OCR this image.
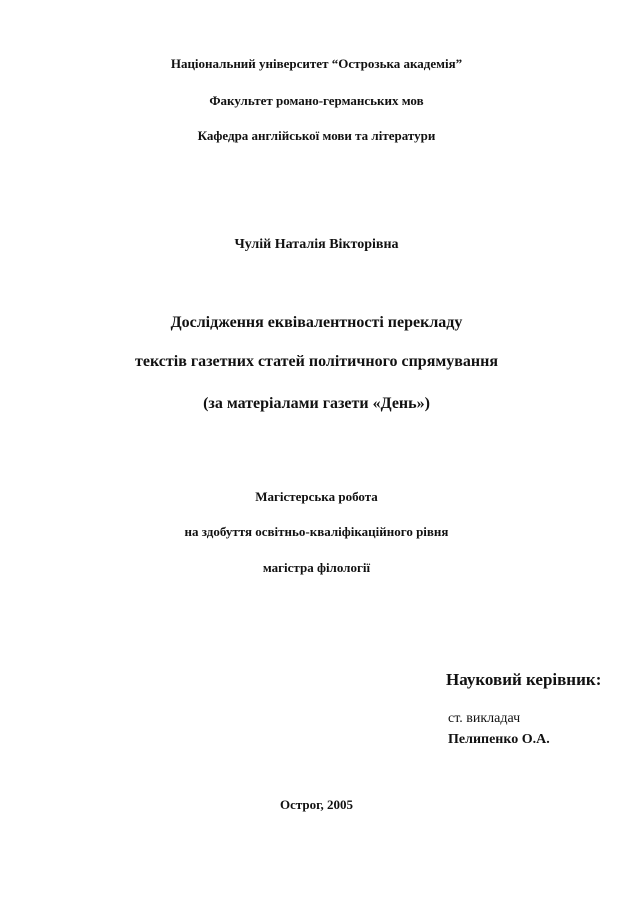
Національний університет “Острозька академія”
Факультет романо-германських мов
Кафедра англійської мови та літератури
Чулій Наталія Вікторівна
Дослідження еквівалентності перекладу
текстів газетних статей політичного спрямування
(за матеріалами газети «День»)
Магістерська робота
на здобуття освітньо-кваліфікаційного рівня
магістра філології
Науковий керівник:
ст. викладач
Пелипенко О.А.
Острог, 2005
